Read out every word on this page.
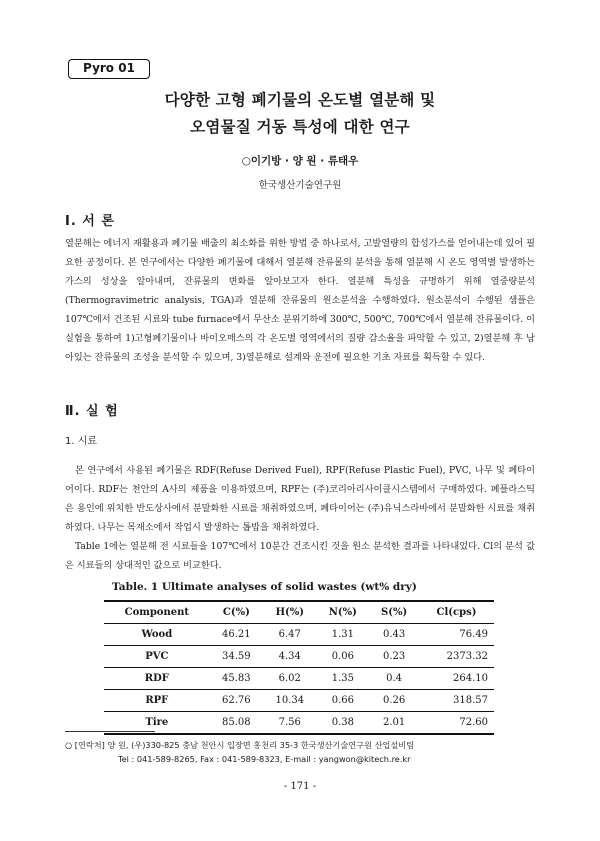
Pyro 01
다양한 고형 폐기물의 온도별 열분해 및
오염물질 거동 특성에 대한 연구
○이기방 · 양 원 · 류태우
한국생산기술연구원
Ⅰ. 서 론

열분해는 에너지 재활용과 폐기물 배출의 최소화를 위한 방법 중 하나로서, 고발열량의 합성가스를 얻어내는데 있어 필요한 공정이다. 본 연구에서는 다양한 폐기물에 대해서 열분해 잔류물의 분석을 통해 열분해 시 온도 영역별 발생하는 가스의 성상을 알아내며, 잔류물의 변화를 알아보고자 한다. 열분해 특성을 규명하기 위해 열중량분석(Thermogravimetric analysis, TGA)과 열분해 잔류물의 원소분석을 수행하였다. 원소분석이 수행된 샘플은 107℃에서 건조된 시료와 tube furnace에서 무산소 분위기하에 300℃, 500℃, 700℃에서 열분해 잔류물이다. 이 실험을 통하여 1)고형폐기물이나 바이오매스의 각 온도별 영역에서의 질량 감소율을 파악할 수 있고, 2)열분해 후 남아있는 잔류물의 조성을 분석할 수 있으며, 3)열분해로 설계와 운전에 필요한 기초 자료를 획득할 수 있다.

Ⅱ. 실 험
1. 시료
본 연구에서 사용된 폐기물은 RDF(Refuse Derived Fuel), RPF(Refuse Plastic Fuel), PVC, 나무 및 폐타이어이다. RDF는 천안의 A사의 제품을 이용하였으며, RPF는 (주)코리아리사이클시스템에서 구매하였다. 폐플라스틱은 용인에 위치한 반도상사에서 분말화한 시료를 채취하였으며, 폐타이어는 (주)유닉스라바에서 분말화한 시료를 채취하였다. 나무는 목재소에서 작업시 발생하는 톱밥을 채취하였다.
Table 1에는 열분해 전 시료들을 107℃에서 10분간 건조시킨 것을 원소 분석한 결과를 나타내었다. Cl의 분석 값은 시료들의 상대적인 값으로 비교한다.
Table. 1 Ultimate analyses of solid wastes (wt% dry)
Component	C(%)	H(%)	N(%)	S(%)	Cl(cps)
Wood	46.21	6.47	1.31	0.43	76.49
PVC	34.59	4.34	0.06	0.23	2373.32
RDF	45.83	6.02	1.35	0.4	264.10
RPF	62.76	10.34	0.66	0.26	318.57
Tire	85.08	7.56	0.38	2.01	72.60
○ [연락처] 양 원, (우)330-825 충남 천안시 입장면 홍천리 35-3 한국생산기술연구원 산업설비팀
Tel : 041-589-8265, Fax : 041-589-8323, E-mail : yangwon@kitech.re.kr
- 171 -
